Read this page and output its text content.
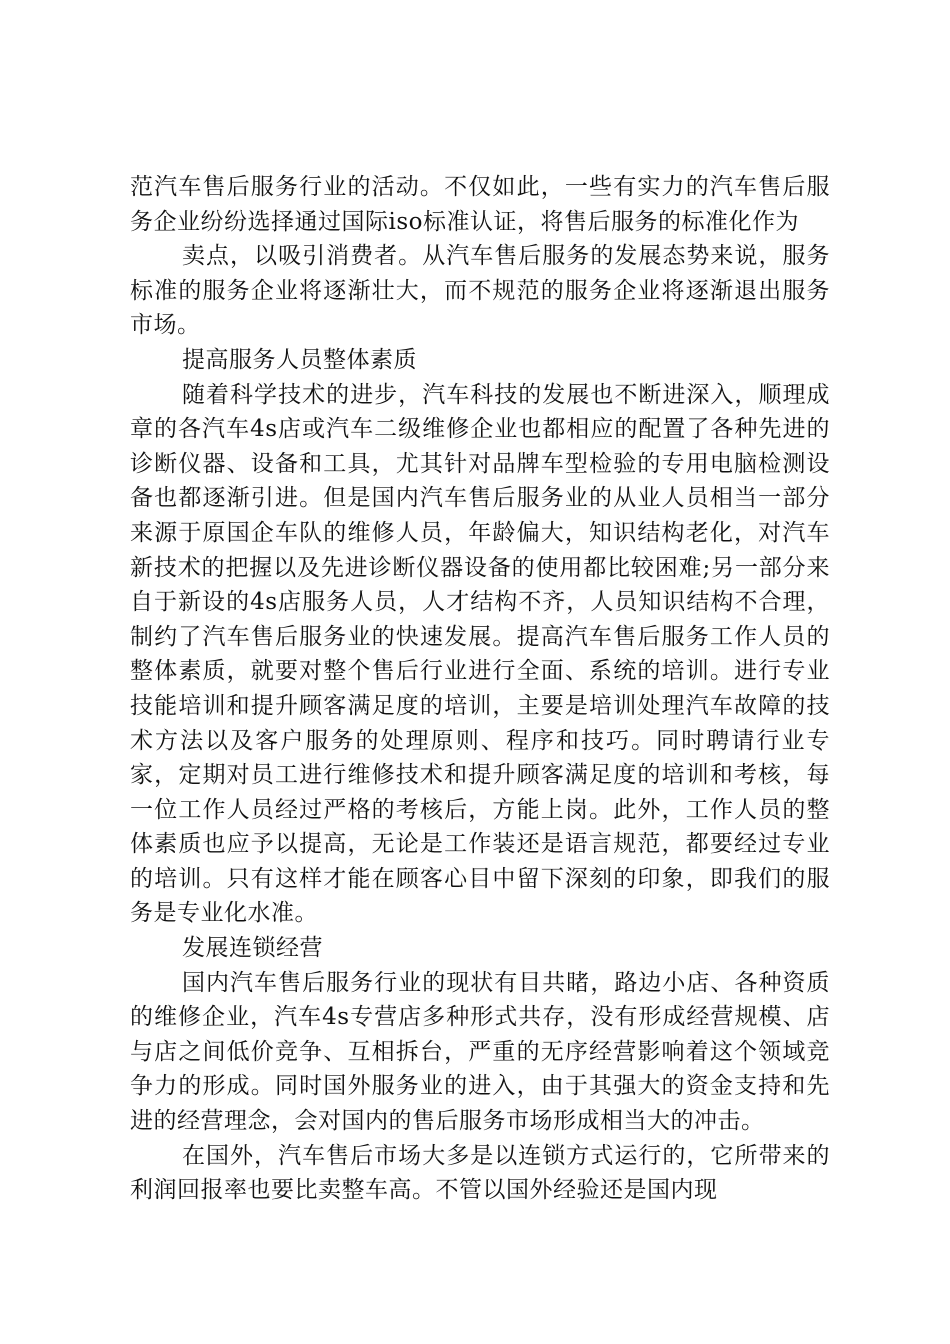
范汽车售后服务行业的活动。不仅如此，一些有实力的汽车售后服务企业纷纷选择通过国际iso标准认证，将售后服务的标准化作为

卖点，以吸引消费者。从汽车售后服务的发展态势来说，服务标准的服务企业将逐渐壮大，而不规范的服务企业将逐渐退出服务市场。

提高服务人员整体素质

随着科学技术的进步，汽车科技的发展也不断进深入，顺理成章的各汽车4s店或汽车二级维修企业也都相应的配置了各种先进的诊断仪器、设备和工具，尤其针对品牌车型检验的专用电脑检测设备也都逐渐引进。但是国内汽车售后服务业的从业人员相当一部分来源于原国企车队的维修人员，年龄偏大，知识结构老化，对汽车新技术的把握以及先进诊断仪器设备的使用都比较困难;另一部分来自于新设的4s店服务人员，人才结构不齐，人员知识结构不合理，制约了汽车售后服务业的快速发展。提高汽车售后服务工作人员的整体素质，就要对整个售后行业进行全面、系统的培训。进行专业技能培训和提升顾客满足度的培训，主要是培训处理汽车故障的技术方法以及客户服务的处理原则、程序和技巧。同时聘请行业专家，定期对员工进行维修技术和提升顾客满足度的培训和考核，每一位工作人员经过严格的考核后，方能上岗。此外，工作人员的整体素质也应予以提高，无论是工作装还是语言规范，都要经过专业的培训。只有这样才能在顾客心目中留下深刻的印象，即我们的服务是专业化水准。

发展连锁经营

国内汽车售后服务行业的现状有目共睹，路边小店、各种资质的维修企业，汽车4s专营店多种形式共存，没有形成经营规模、店与店之间低价竞争、互相拆台，严重的无序经营影响着这个领域竞争力的形成。同时国外服务业的进入，由于其强大的资金支持和先进的经营理念，会对国内的售后服务市场形成相当大的冲击。

在国外，汽车售后市场大多是以连锁方式运行的，它所带来的利润回报率也要比卖整车高。不管以国外经验还是国内现
